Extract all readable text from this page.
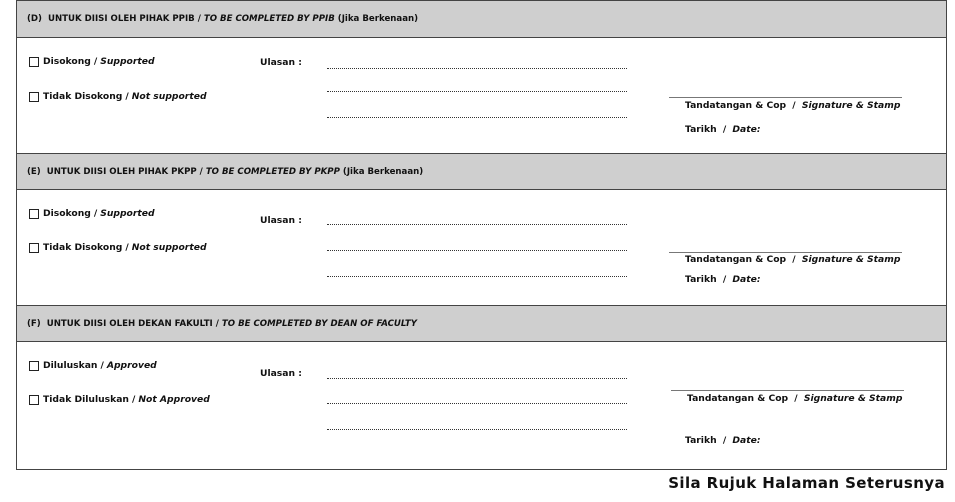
(D)
UNTUK DIISI OLEH PIHAK PPIB / TO BE COMPLETED BY PPIB
(Jika Berkenaan)
Disokong / Supported
Tidak Disokong / Not supported
Ulasan :
Tandatangan & Cop / Signature & Stamp
Tarikh / Date:
(E)
UNTUK DIISI OLEH PIHAK PKPP / TO BE COMPLETED BY PKPP
(Jika Berkenaan)
Disokong / Supported
Tidak Disokong / Not supported
Ulasan :
Tandatangan & Cop / Signature & Stamp
Tarikh / Date:
(F)
UNTUK DIISI OLEH DEKAN FAKULTI / TO BE COMPLETED BY DEAN OF FACULTY
Diluluskan / Approved
Tidak Diluluskan / Not Approved
Ulasan :
Tandatangan & Cop / Signature & Stamp
Tarikh / Date:
Sila Rujuk Halaman Seterusnya
